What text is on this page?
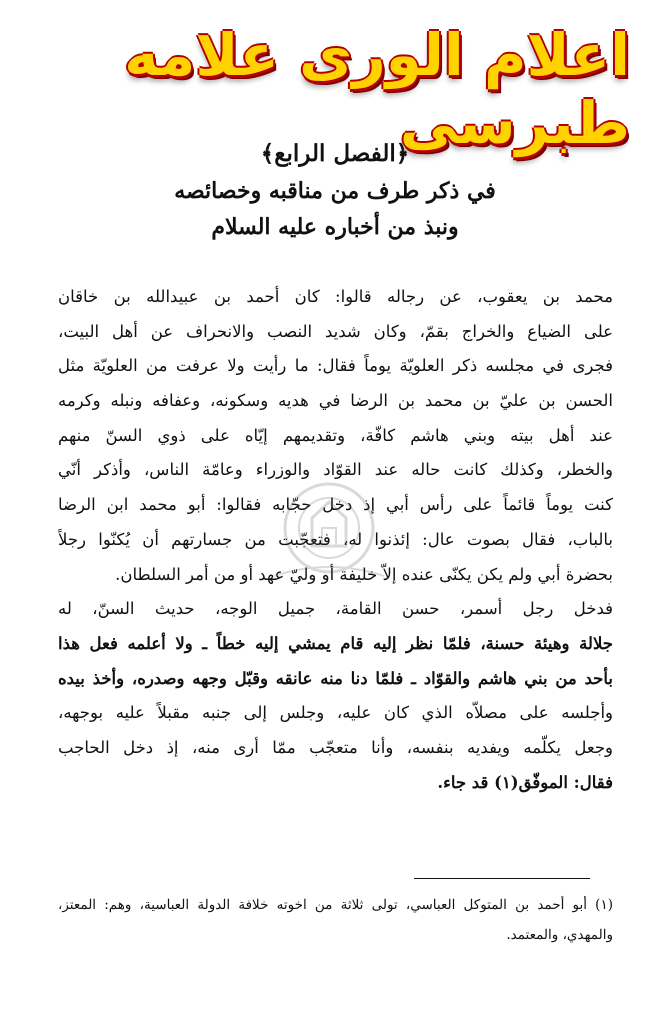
اعلام الورى علامه طبرسى
﴿الفصل الرابع﴾
في ذكر طرف من مناقبه وخصائصه
ونبذ من أخباره عليه السلام
محمد بن يعقوب، عن رجاله قالوا: كان أحمد بن عبيدالله بن خاقان
على الضياع والخراج بقمّ، وكان شديد النصب والانحراف عن أهل البيت،
فجرى في مجلسه ذكر العلويّة يوماً فقال: ما رأيت ولا عرفت من العلويّة مثل
الحسن بن عليّ بن محمد بن الرضا في هديه وسكونه، وعفافه ونبله وكرمه
عند أهل بيته وبني هاشم كافّة، وتقديمهم إيّاه على ذوي السنّ منهم
والخطر، وكذلك كانت حاله عند القوّاد والوزراء وعامّة الناس، وأذكر أنّي
كنت يوماً قائماً على رأس أبي إذ دخل حجّابه فقالوا: أبو محمد ابن الرضا
بالباب، فقال بصوت عال: إئذنوا له، فتعجّبت من جسارتهم أن يُكنّوا رجلاً
بحضرة أبي ولم يكن يكنّى عنده إلاّ خليفة أو وليّ عهد أو من أمر السلطان.
فدخل رجل أسمر، حسن القامة، جميل الوجه، حديث السنّ، له
جلالة وهيئة حسنة، فلمّا نظر إليه قام يمشي إليه خطاً ـ ولا أعلمه فعل هذا
بأحد من بني هاشم والقوّاد ـ فلمّا دنا منه عانقه وقبّل وجهه وصدره، وأخذ بيده
وأجلسه على مصلاّه الذي كان عليه، وجلس إلى جنبه مقبلاً عليه بوجهه،
وجعل يكلّمه ويفديه بنفسه، وأنا متعجّب ممّا أرى منه، إذ دخل الحاجب
فقال: الموفّق(١) قد جاء.
(١) أبو أحمد بن المتوكل العباسي، تولى ثلاثة من اخوته خلافة الدولة العباسية، وهم: المعتز،
والمهدي، والمعتمد.
